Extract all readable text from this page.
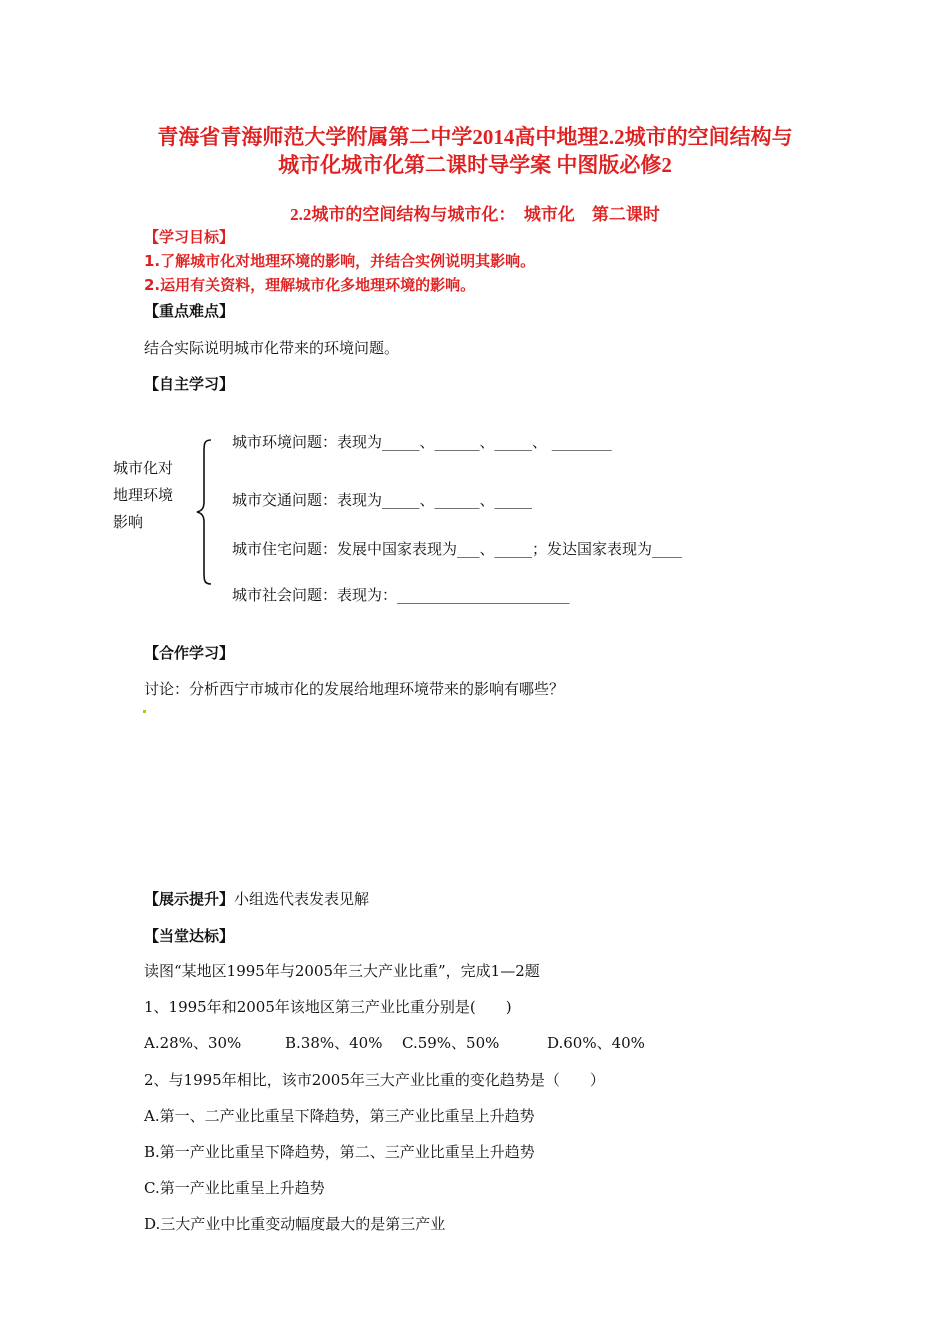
青海省青海师范大学附属第二中学2014高中地理2.2城市的空间结构与
城市化城市化第二课时导学案 中图版必修2
2.2城市的空间结构与城市化：　城市化　第二课时
【学习目标】
1.了解城市化对地理环境的影响，并结合实例说明其影响。
2.运用有关资料，理解城市化多地理环境的影响。
【重点难点】
结合实际说明城市化带来的环境问题。
【自主学习】
城市化对
地理环境
影响
城市环境问题：表现为_____、______、_____、 ________
城市交通问题：表现为_____、______、_____
城市住宅问题：发展中国家表现为___、_____；发达国家表现为____
城市社会问题：表现为：_______________________
【合作学习】
讨论：分析西宁市城市化的发展给地理环境带来的影响有哪些？
【展示提升】小组选代表发表见解
【当堂达标】
读图“某地区1995年与2005年三大产业比重”，完成1—2题
1、1995年和2005年该地区第三产业比重分别是(　　)
A.28%、30%	B.38%、40% C.59%、50%	D.60%、40%
2、与1995年相比，该市2005年三大产业比重的变化趋势是（　　）
A.第一、二产业比重呈下降趋势，第三产业比重呈上升趋势
B.第一产业比重呈下降趋势，第二、三产业比重呈上升趋势
C.第一产业比重呈上升趋势
D.三大产业中比重变动幅度最大的是第三产业
